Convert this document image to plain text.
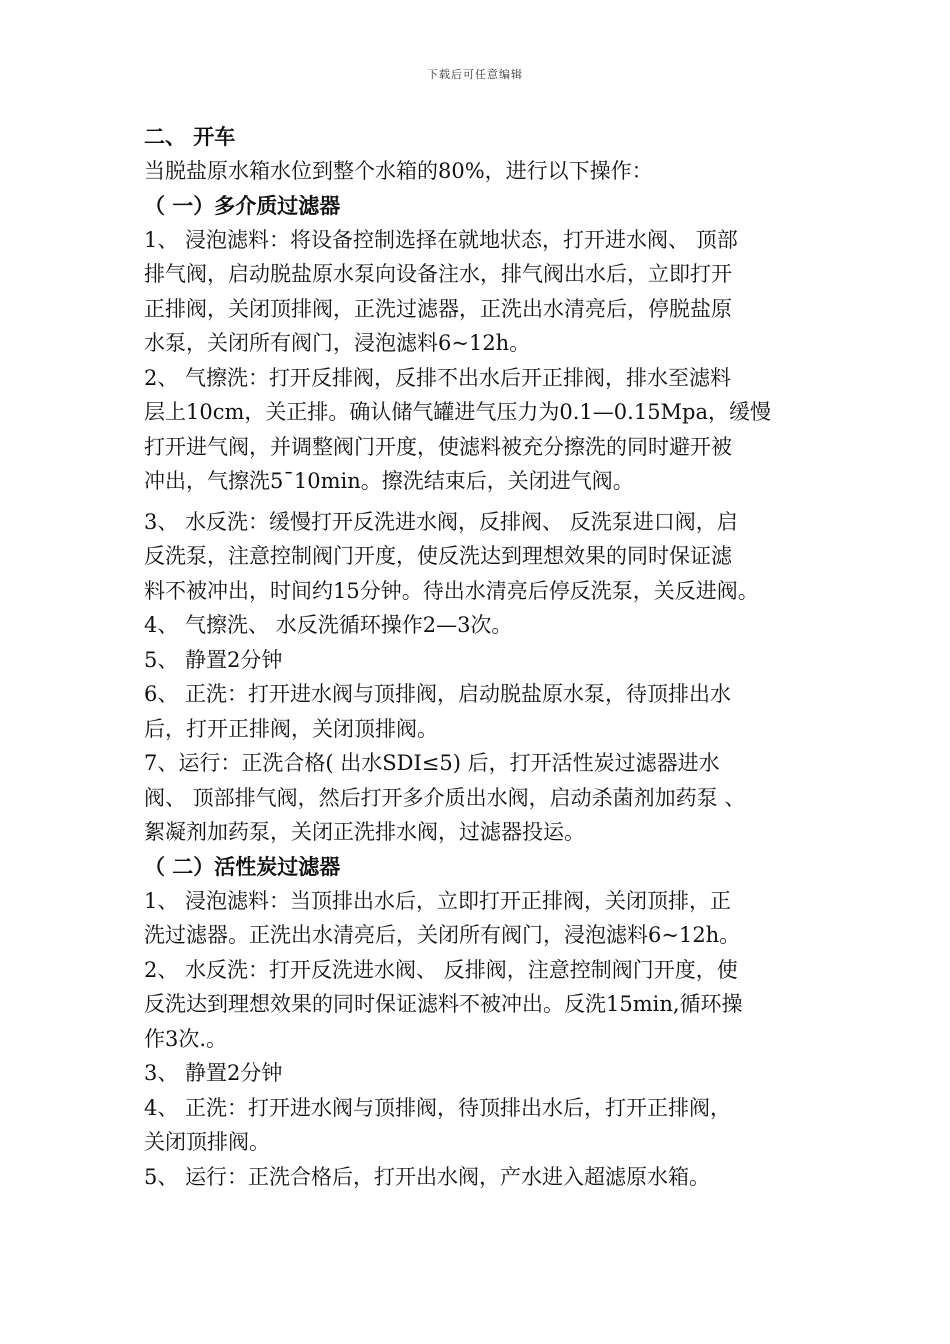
下载后可任意编辑
二、 开车
当脱盐原水箱水位到整个水箱的80%，进行以下操作：
（ 一）多介质过滤器
1、 浸泡滤料：将设备控制选择在就地状态，打开进水阀、 顶部
排气阀，启动脱盐原水泵向设备注水，排气阀出水后，立即打开
正排阀，关闭顶排阀，正洗过滤器，正洗出水清亮后，停脱盐原
水泵，关闭所有阀门，浸泡滤料6~12h。
2、 气擦洗：打开反排阀，反排不出水后开正排阀，排水至滤料
层上10cm，关正排。确认储气罐进气压力为0.1—0.15Mpa，缓慢
打开进气阀，并调整阀门开度，使滤料被充分擦洗的同时避开被
冲出，气擦洗5¯10min。擦洗结束后，关闭进气阀。
3、 水反洗：缓慢打开反洗进水阀，反排阀、 反洗泵进口阀，启
反洗泵，注意控制阀门开度，使反洗达到理想效果的同时保证滤
料不被冲出，时间约15分钟。待出水清亮后停反洗泵，关反进阀。
4、 气擦洗、 水反洗循环操作2—3次。
5、 静置2分钟
6、 正洗：打开进水阀与顶排阀，启动脱盐原水泵，待顶排出水
后，打开正排阀，关闭顶排阀。
7、运行：正洗合格( 出水SDI≤5) 后，打开活性炭过滤器进水
阀、 顶部排气阀，然后打开多介质出水阀，启动杀菌剂加药泵 、
絮凝剂加药泵，关闭正洗排水阀，过滤器投运。
（ 二）活性炭过滤器
1、 浸泡滤料：当顶排出水后，立即打开正排阀，关闭顶排，正
洗过滤器。正洗出水清亮后，关闭所有阀门，浸泡滤料6~12h。
2、 水反洗：打开反洗进水阀、 反排阀，注意控制阀门开度，使
反洗达到理想效果的同时保证滤料不被冲出。反洗15min,循环操
作3次.。
3、 静置2分钟
4、 正洗：打开进水阀与顶排阀，待顶排出水后，打开正排阀，
关闭顶排阀。
5、 运行：正洗合格后，打开出水阀，产水进入超滤原水箱。
